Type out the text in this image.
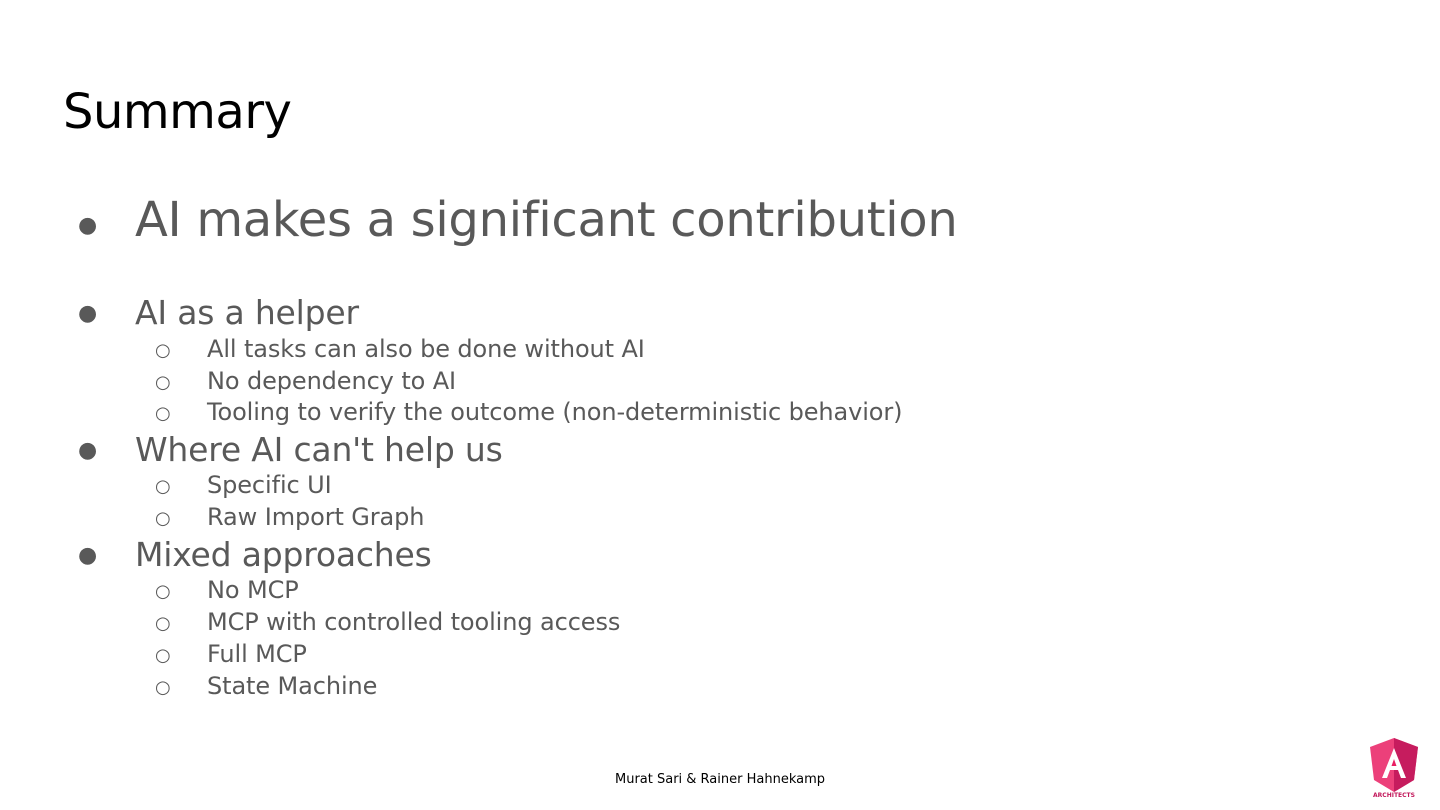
Summary
● AI makes a significant contribution
● AI as a helper
○ All tasks can also be done without AI
○ No dependency to AI
○ Tooling to verify the outcome (non-deterministic behavior)
● Where AI can't help us
○ Specific UI
○ Raw Import Graph
● Mixed approaches
○ No MCP
○ MCP with controlled tooling access
○ Full MCP
○ State Machine
Murat Sari & Rainer Hahnekamp
ARCHITECTS
